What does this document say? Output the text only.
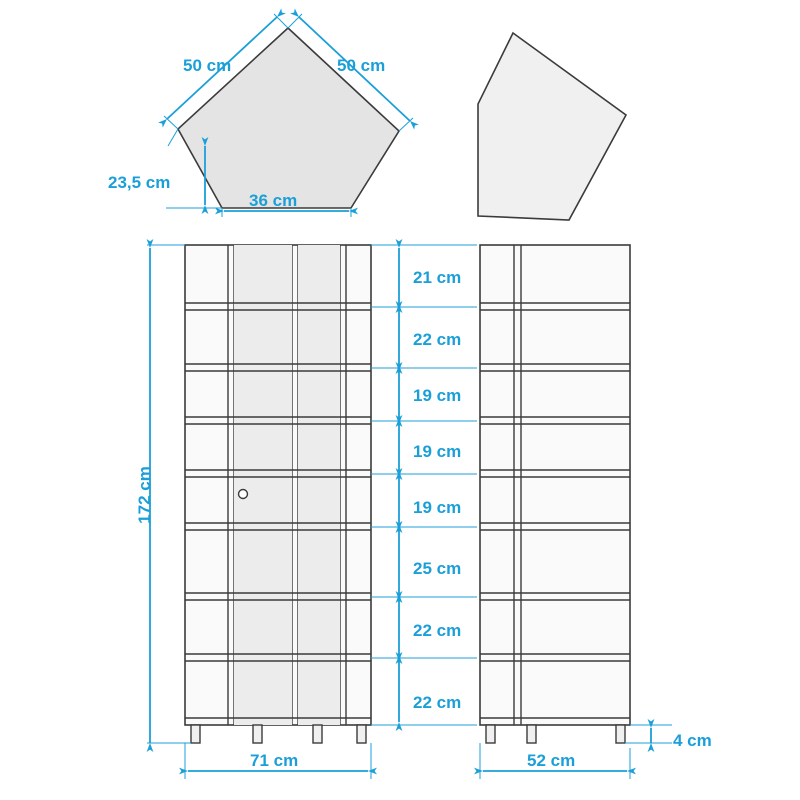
50 cm	50 cm
23,5 cm
36 cm
172 cm
21 cm
22 cm
19 cm
19 cm
19 cm
25 cm
22 cm
22 cm
4 cm
71 cm	52 cm
